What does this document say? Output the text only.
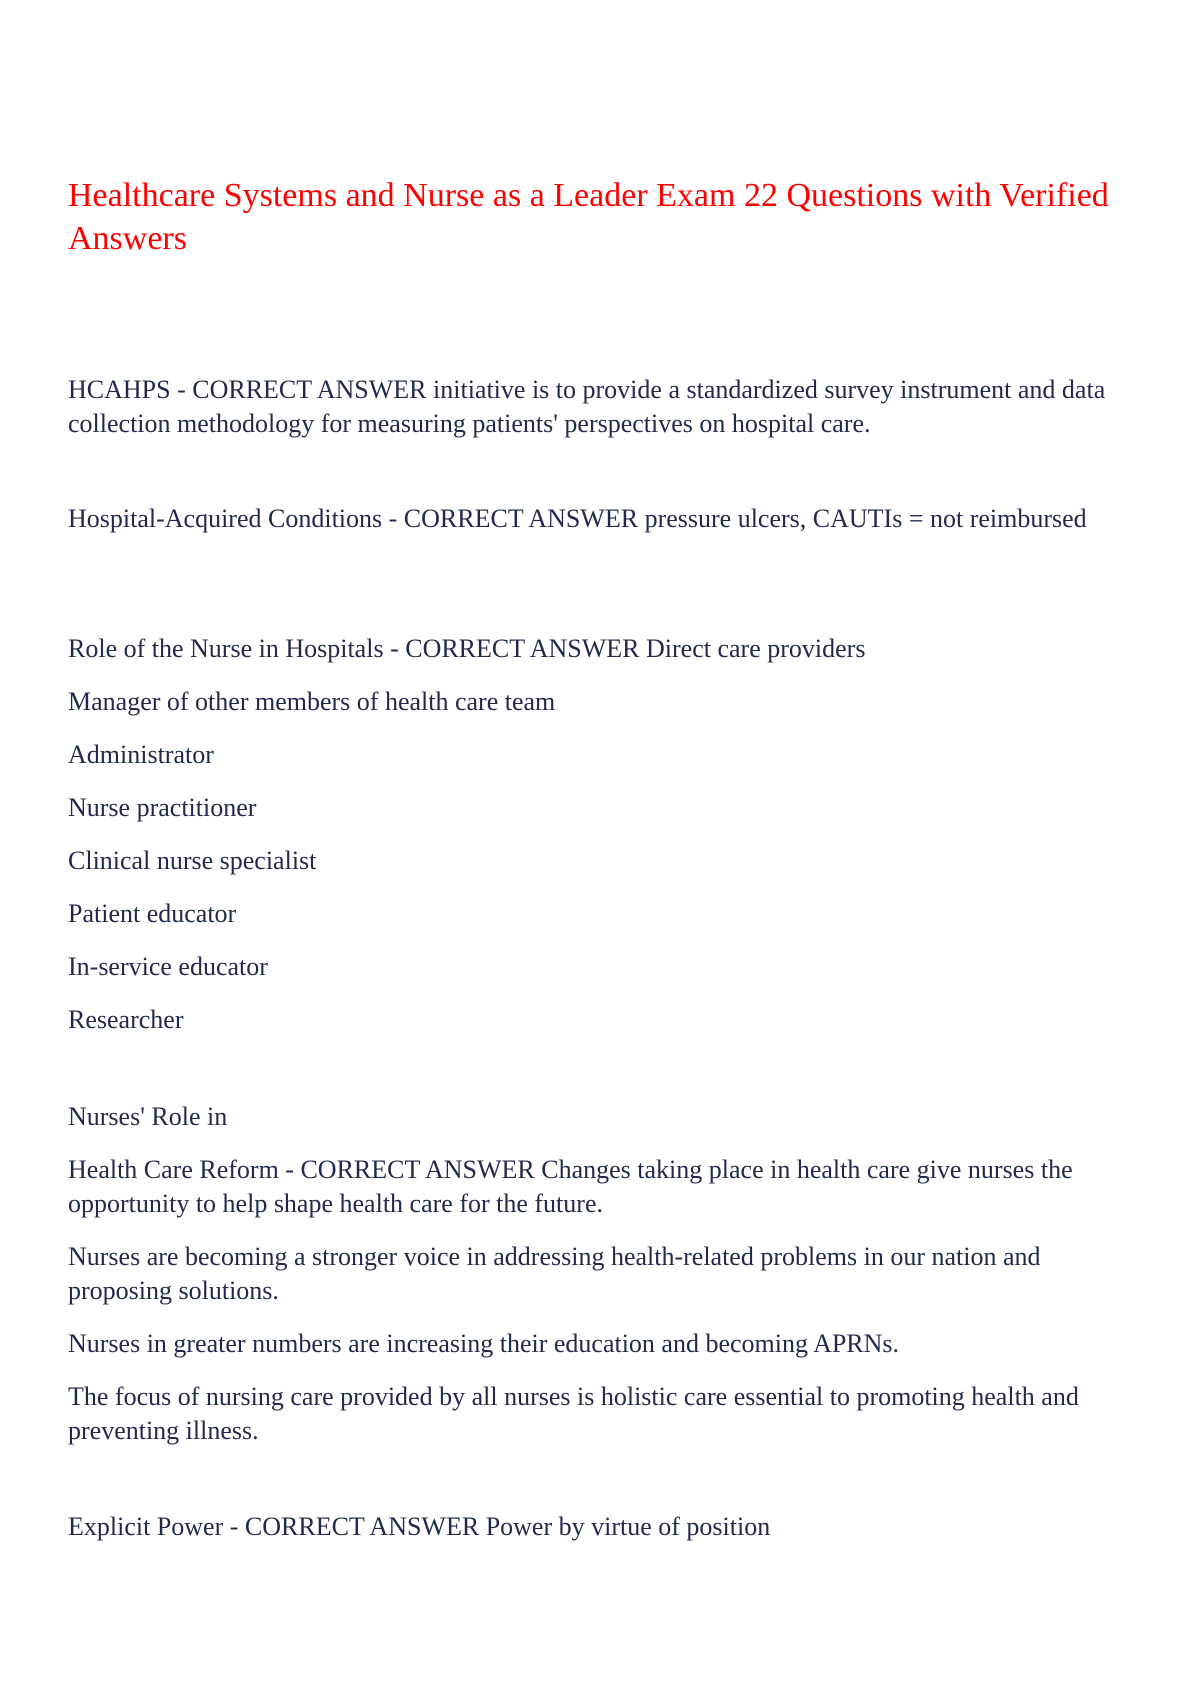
Healthcare Systems and Nurse as a Leader Exam 22 Questions with Verified Answers

HCAHPS - CORRECT ANSWER initiative is to provide a standardized survey instrument and data collection methodology for measuring patients' perspectives on hospital care.

Hospital-Acquired Conditions - CORRECT ANSWER pressure ulcers, CAUTIs = not reimbursed

Role of the Nurse in Hospitals - CORRECT ANSWER Direct care providers

Manager of other members of health care team

Administrator

Nurse practitioner

Clinical nurse specialist

Patient educator

In-service educator

Researcher

Nurses' Role in

Health Care Reform - CORRECT ANSWER Changes taking place in health care give nurses the opportunity to help shape health care for the future.

Nurses are becoming a stronger voice in addressing health-related problems in our nation and proposing solutions.

Nurses in greater numbers are increasing their education and becoming APRNs.

The focus of nursing care provided by all nurses is holistic care essential to promoting health and preventing illness.

Explicit Power - CORRECT ANSWER Power by virtue of position
